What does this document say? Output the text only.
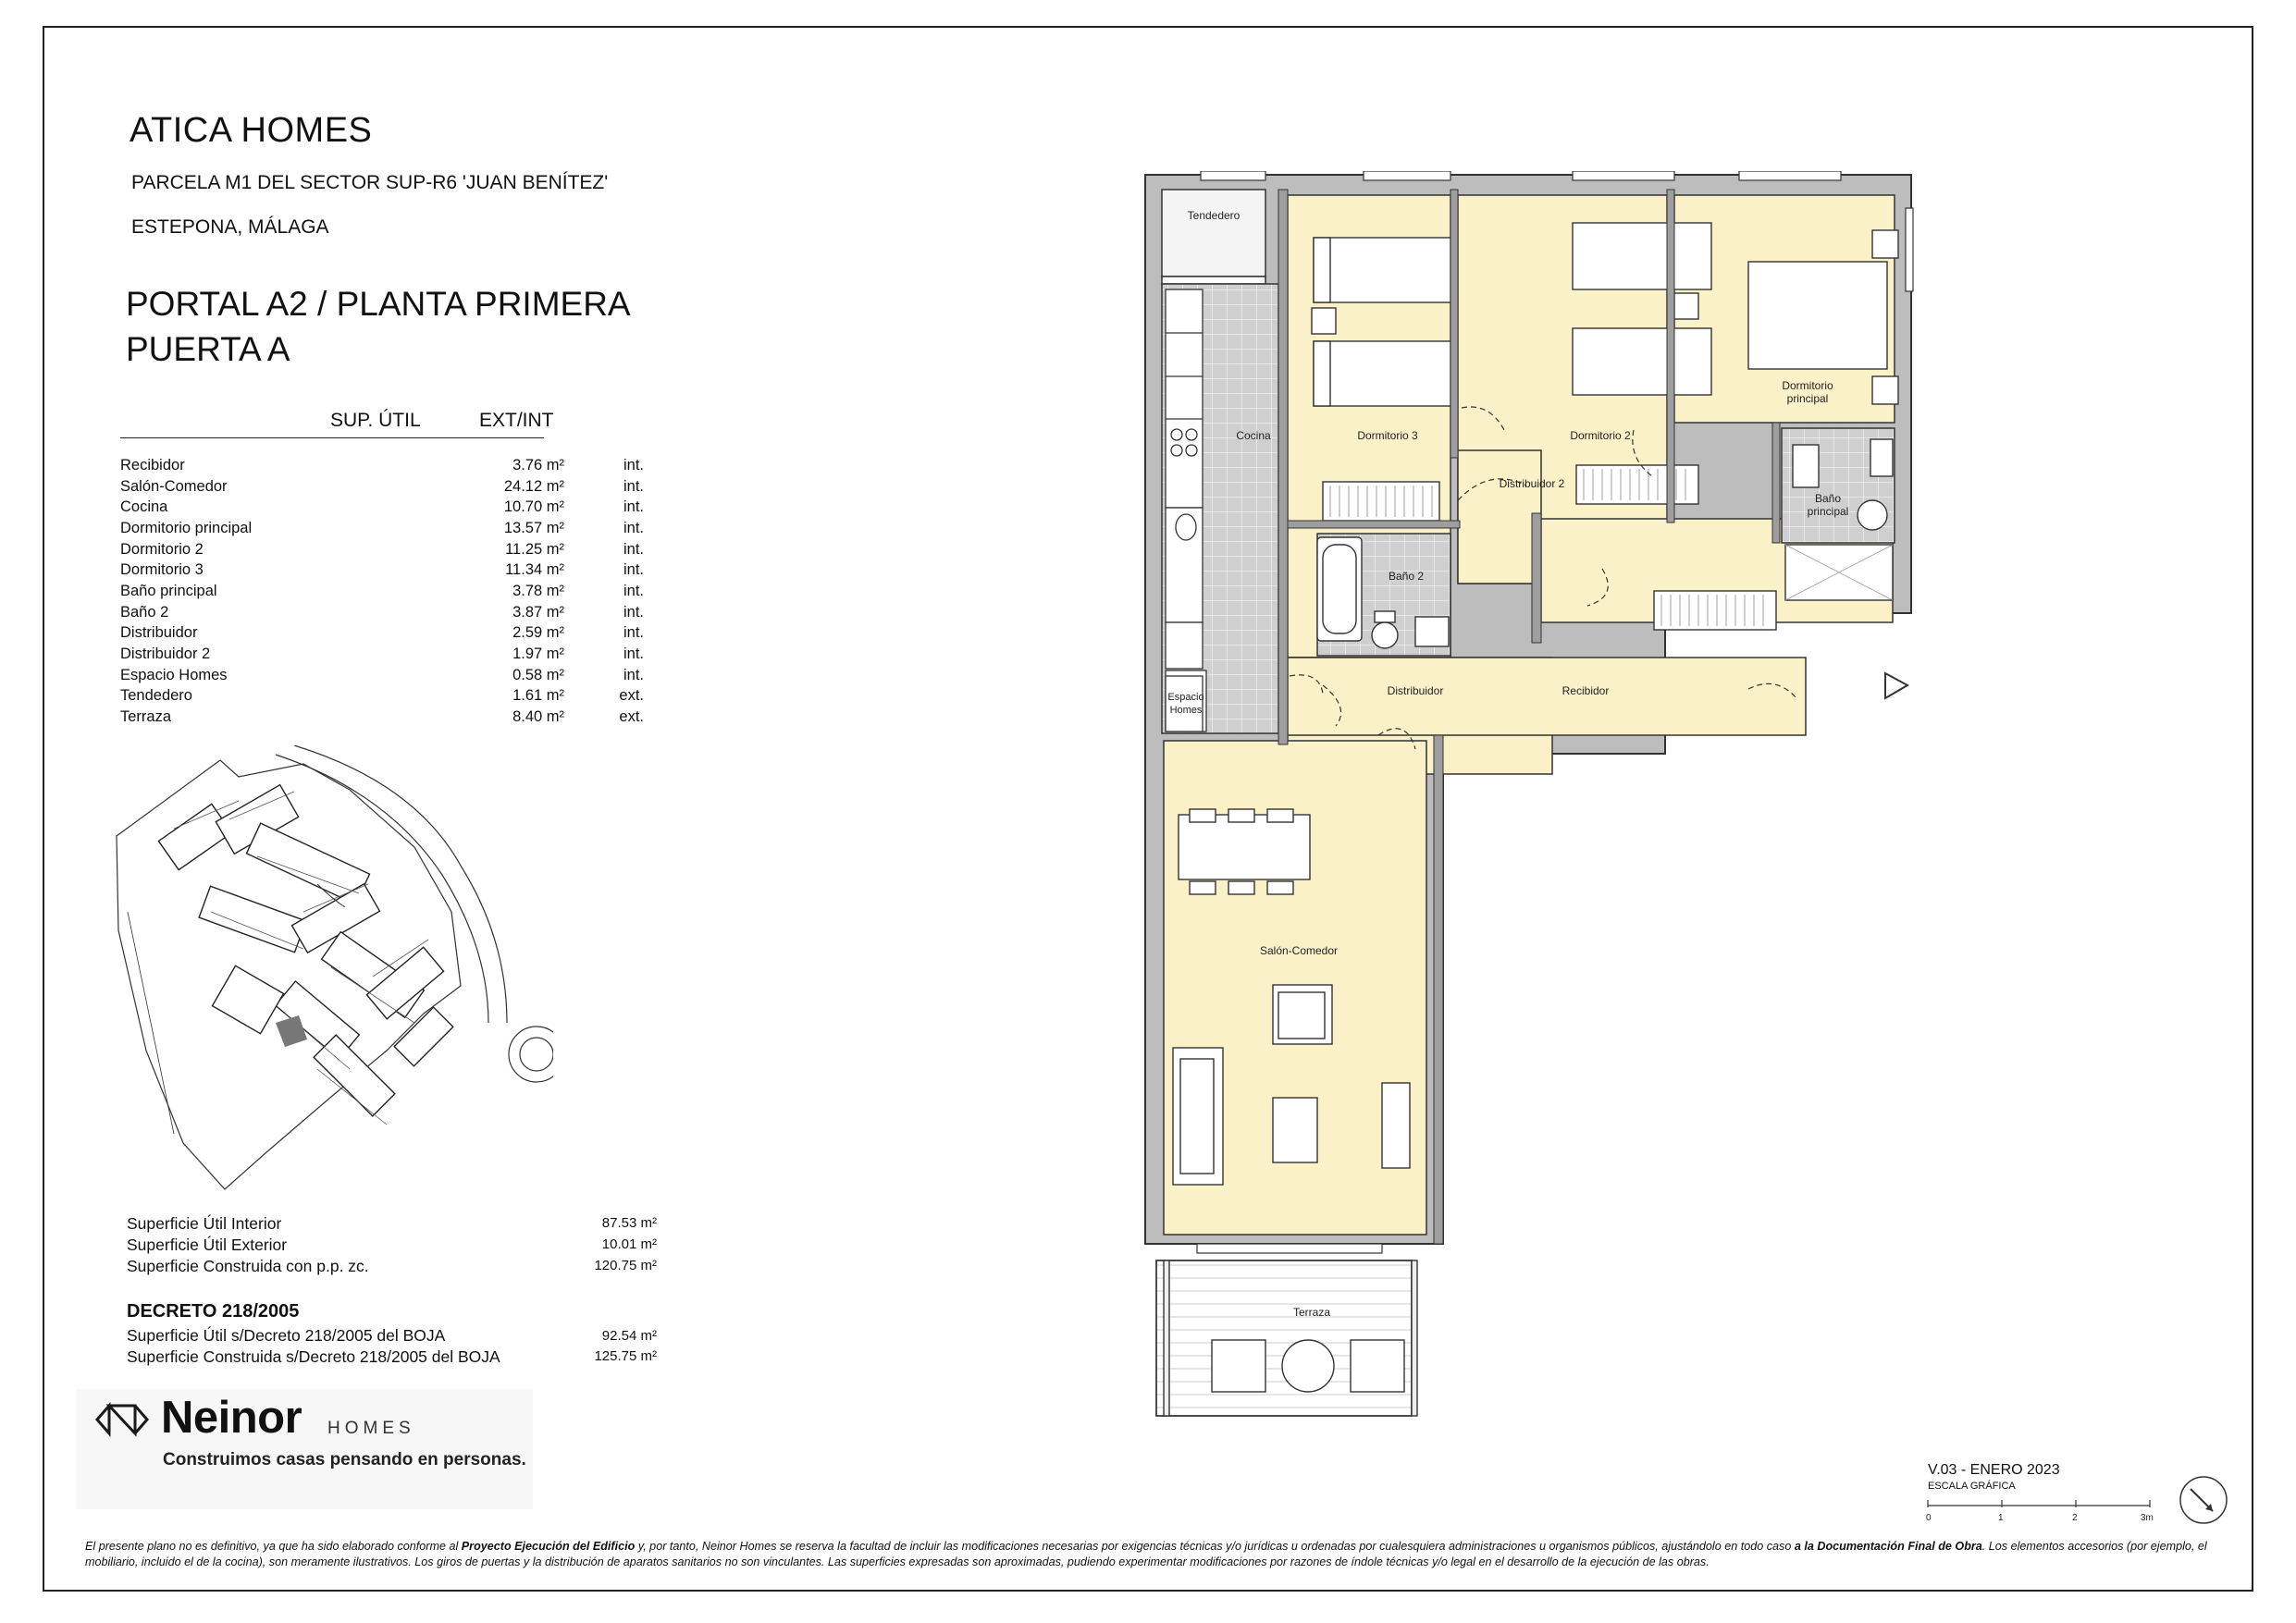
ATICA HOMES
PARCELA M1 DEL SECTOR SUP-R6 'JUAN BENÍTEZ'
ESTEPONA, MÁLAGA
PORTAL A2 / PLANTA PRIMERA
PUERTA A
SUP. ÚTIL	EXT/INT
Recibidor	3.76 m²	int.
Salón-Comedor	24.12 m²	int.
Cocina	10.70 m²	int.
Dormitorio principal	13.57 m²	int.
Dormitorio 2	11.25 m²	int.
Dormitorio 3	11.34 m²	int.
Baño principal	3.78 m²	int.
Baño 2	3.87 m²	int.
Distribuidor	2.59 m²	int.
Distribuidor 2	1.97 m²	int.
Espacio Homes	0.58 m²	int.
Tendedero	1.61 m²	ext.
Terraza	8.40 m²	ext.
Superficie Útil Interior	87.53 m²
Superficie Útil Exterior	10.01 m²
Superficie Construida con p.p. zc.	120.75 m²
DECRETO 218/2005
Superficie Útil s/Decreto 218/2005 del BOJA	92.54 m²
Superficie Construida s/Decreto 218/2005 del BOJA	125.75 m²
Neinor HOMES
Construimos casas pensando en personas.
Tendedero
Cocina	Dormitorio 3	Dormitorio 2
Dormitorio
principal
Distribuidor 2
Baño 2
Baño
principal
Espacio
Homes
Distribuidor	Recibidor
Salón-Comedor
Terraza
V.03 - ENERO 2023
ESCALA GRÁFICA
0	1	2	3m
El presente plano no es definitivo, ya que ha sido elaborado conforme al Proyecto Ejecución del Edificio y, por tanto, Neinor Homes se reserva la facultad de incluir las modificaciones necesarias por exigencias técnicas y/o jurídicas u ordenadas por cualesquiera administraciones u organismos públicos, ajustándolo en todo caso a la Documentación Final de Obra. Los elementos accesorios (por ejemplo, el mobiliario, incluido el de la cocina), son meramente ilustrativos. Los giros de puertas y la distribución de aparatos sanitarios no son vinculantes. Las superficies expresadas son aproximadas, pudiendo experimentar modificaciones por razones de índole técnicas y/o legal en el desarrollo de la ejecución de las obras.
